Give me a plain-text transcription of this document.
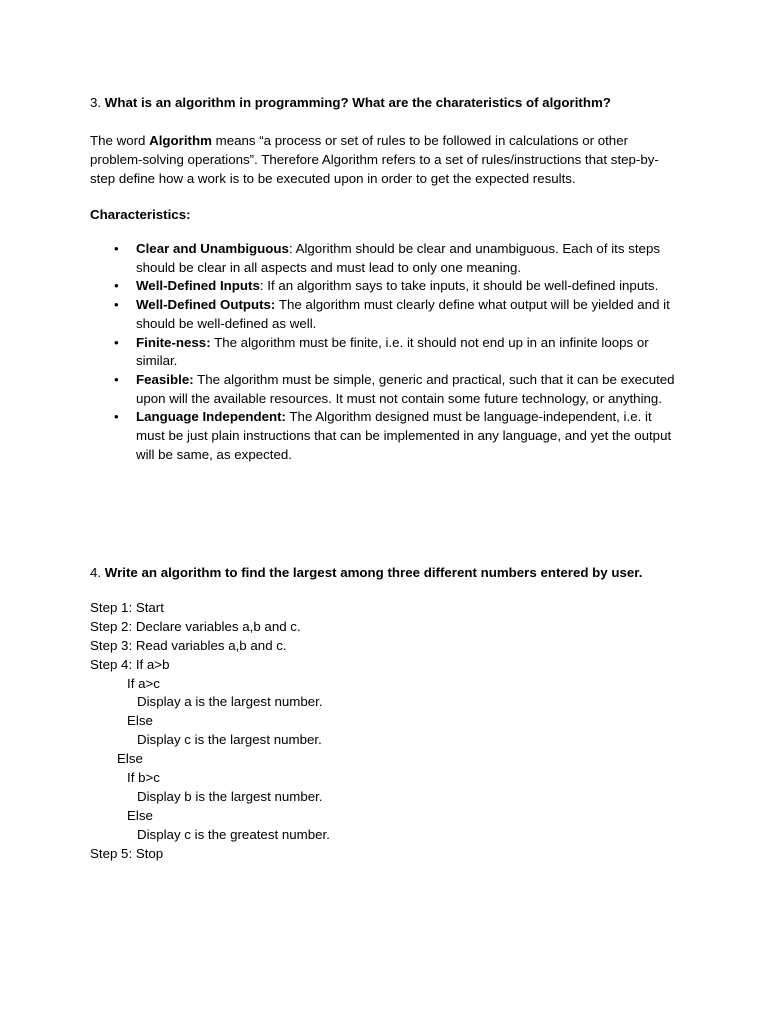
3. What is an algorithm in programming? What are the charateristics of algorithm?
The word Algorithm means “a process or set of rules to be followed in calculations or other problem-solving operations”. Therefore Algorithm refers to a set of rules/instructions that step-by-step define how a work is to be executed upon in order to get the expected results.
Characteristics:
• Clear and Unambiguous: Algorithm should be clear and unambiguous. Each of its steps should be clear in all aspects and must lead to only one meaning.
• Well-Defined Inputs: If an algorithm says to take inputs, it should be well-defined inputs.
• Well-Defined Outputs: The algorithm must clearly define what output will be yielded and it should be well-defined as well.
• Finite-ness: The algorithm must be finite, i.e. it should not end up in an infinite loops or similar.
• Feasible: The algorithm must be simple, generic and practical, such that it can be executed upon will the available resources. It must not contain some future technology, or anything.
• Language Independent: The Algorithm designed must be language-independent, i.e. it must be just plain instructions that can be implemented in any language, and yet the output will be same, as expected.
4. Write an algorithm to find the largest among three different numbers entered by user.
Step 1: Start
Step 2: Declare variables a,b and c.
Step 3: Read variables a,b and c.
Step 4: If a>b
If a>c
Display a is the largest number.
Else
Display c is the largest number.
Else
If b>c
Display b is the largest number.
Else
Display c is the greatest number.
Step 5: Stop
